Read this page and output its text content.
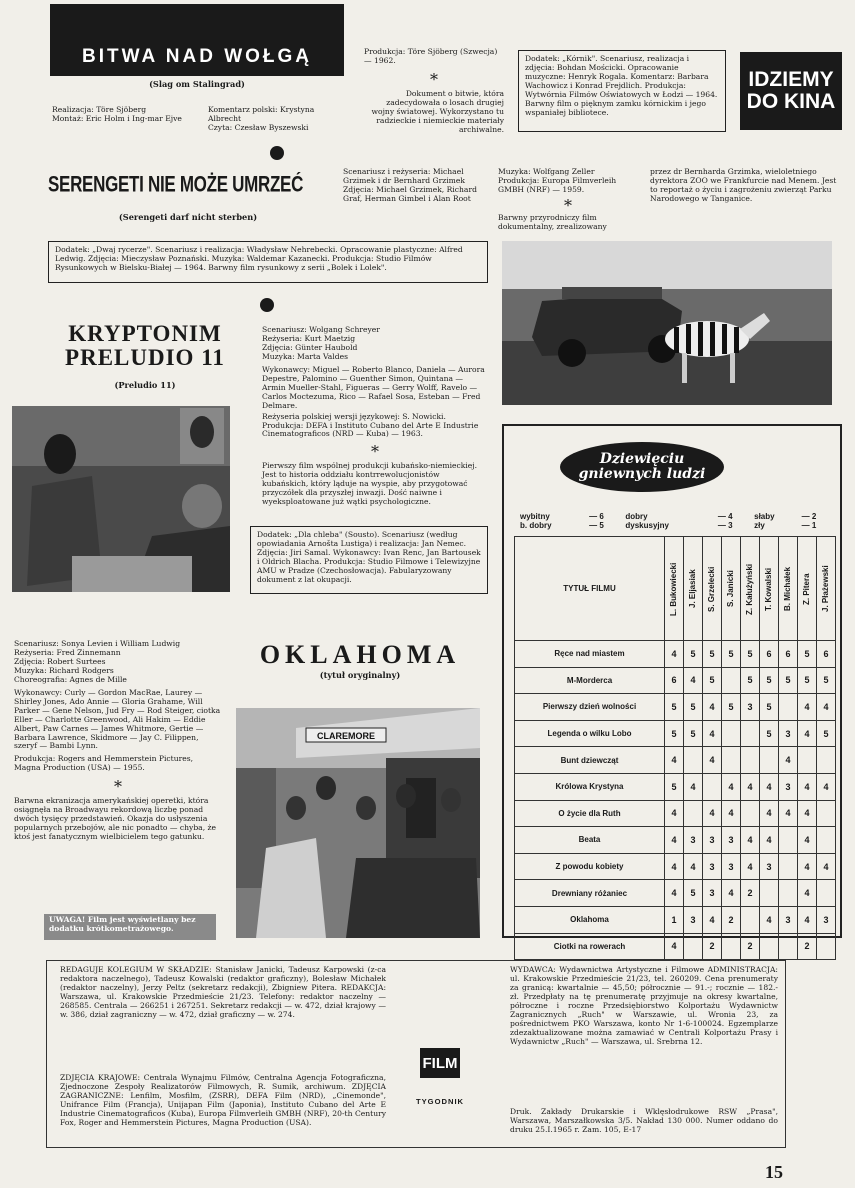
BITWA NAD WOŁGĄ
(Slag om Stalingrad)
Realizacja: Töre Sjöberg
Montaż: Eric Holm i Ing-mar Ejve
Komentarz polski: Krystyna Albrecht
Czyta: Czesław Byszewski
Produkcja: Töre Sjöberg (Szwecja) — 1962.
*
Dokument o bitwie, która zadecydowała o losach drugiej wojny światowej. Wykorzystano tu radzieckie i niemieckie materiały archiwalne.
Dodatek: „Kórnik". Scenariusz, realizacja i zdjęcia: Bohdan Mościcki. Opracowanie muzyczne: Henryk Rogala. Komentarz: Barbara Wachowicz i Konrad Frejdlich. Produkcja: Wytwórnia Filmów Oświatowych w Łodzi — 1964. Barwny film o pięknym zamku kórnickim i jego wspaniałej bibliotece.
IDZIEMY
DO KINA
SERENGETI NIE MOŻE UMRZEĆ
(Serengeti darf nicht sterben)
Scenariusz i reżyseria: Michael Grzimek i dr Bernhard Grzimek
Zdjęcia: Michael Grzimek, Richard Graf, Herman Gimbel i Alan Root
Muzyka: Wolfgang Zeller
Produkcja: Europa Filmverleih GMBH (NRF) — 1959.
*
Barwny przyrodniczy film dokumentalny, zrealizowany
przez dr Bernharda Grzimka, wieloletniego dyrektora ZOO we Frankfurcie nad Menem. Jest to reportaż o życiu i zagrożeniu zwierząt Parku Narodowego w Tanganice.
Dodatek: „Dwaj rycerze". Scenariusz i realizacja: Władysław Nehrebecki. Opracowanie plastyczne: Alfred Ledwig. Zdjęcia: Mieczysław Poznański. Muzyka: Waldemar Kazanecki. Produkcja: Studio Filmów Rysunkowych w Bielsku-Białej — 1964. Barwny film rysunkowy z serii „Bolek i Lolek".
KRYPTONIM
PRELUDIO 11
(Preludio 11)
Scenariusz: Wolgang Schreyer
Reżyseria: Kurt Maetzig
Zdjęcia: Günter Haubold
Muzyka: Marta Valdes
Wykonawcy: Miguel — Roberto Blanco, Daniela — Aurora Depestre, Palomino — Guenther Simon, Quintana — Armin Mueller-Stahl, Figueras — Gerry Wolff, Ravelo — Carlos Moctezuma, Rico — Rafael Sosa, Esteban — Fred Delmare.
Reżyseria polskiej wersji językowej: S. Nowicki. Produkcja: DEFA i Instituto Cubano del Arte E Industrie Cinematograficos (NRD — Kuba) — 1963.
*
Pierwszy film wspólnej produkcji kubańsko-niemieckiej. Jest to historia oddziału kontrrewolucjonistów kubańskich, który ląduje na wyspie, aby przygotować przyczółek dla przyszłej inwazji. Dość naiwne i wyeksploatowane już wątki psychologiczne.
Dodatek: „Dla chleba" (Sousto). Scenariusz (według opowiadania Arnošta Lustiga) i realizacja: Jan Nemec. Zdjęcia: Jiri Samal. Wykonawcy: Ivan Renc, Jan Bartousek i Oldrich Blacha. Produkcja: Studio Filmowe i Telewizyjne AMU w Pradze (Czechosłowacja). Fabularyzowany dokument z lat okupacji.
Dziewięciu
gniewnych ludzi
wybitny	— 6	dobry	— 4	słaby	— 2
b. dobry	— 5	dyskusyjny	— 3	zły	— 1
TYTUŁ FILMU	L. Bukowiecki	J. Eljasiak	S. Grzelecki	S. Janicki	Z. Kałużyński	T. Kowalski	B. Michałek	Z. Pitera	J. Płażewski

Ręce nad miastem	4	5	5	5	5	6	6	5	6
M-Morderca	6	4	5		5	5	5	5	5
Pierwszy dzień wolności	5	5	4	5	3	5		4	4
Legenda o wilku Lobo	5	5	4			5	3	4	5
Bunt dziewcząt	4		4				4		
Królowa Krystyna	5	4		4	4	4	3	4	4
O życie dla Ruth	4		4	4		4	4	4	
Beata	4	3	3	3	4	4		4	
Z powodu kobiety	4	4	3	3	4	3		4	4
Drewniany różaniec	4	5	3	4	2			4	
Oklahoma	1	3	4	2		4	3	4	3
Ciotki na rowerach	4		2		2			2	
Scenariusz: Sonya Levien i William Ludwig
Reżyseria: Fred Zinnemann
Zdjęcia: Robert Surtees
Muzyka: Richard Rodgers
Choreografia: Agnes de Mille
Wykonawcy: Curly — Gordon MacRae, Laurey — Shirley Jones, Ado Annie — Gloria Grahame, Will Parker — Gene Nelson, Jud Fry — Rod Steiger, ciotka Eller — Charlotte Greenwood, Ali Hakim — Eddie Albert, Paw Carnes — James Whitmore, Gertie — Barbara Lawrence, Skidmore — Jay C. Filippen, szeryf — Bambi Lynn.
Produkcja: Rogers and Hemmerstein Pictures, Magna Production (USA) — 1955.
*
Barwna ekranizacja amerykańskiej operetki, która osiągnęła na Broadwayu rekordową liczbę ponad dwóch tysięcy przedstawień. Okazja do usłyszenia popularnych przebojów, ale nic ponadto — chyba, że ktoś jest fanatycznym wielbicielem tego gatunku.
UWAGA! Film jest wyświetlany bez dodatku krótkometrażowego.
OKLAHOMA
(tytuł oryginalny)
CLAREMORE
REDAGUJE KOLEGIUM W SKŁADZIE: Stanisław Janicki, Tadeusz Karpowski (z-ca redaktora naczelnego), Tadeusz Kowalski (redaktor graficzny), Bolesław Michałek (redaktor naczelny), Jerzy Peltz (sekretarz redakcji), Zbigniew Pitera. REDAKCJA: Warszawa, ul. Krakowskie Przedmieście 21/23. Telefony: redaktor naczelny — 268585. Centrala — 266251 i 267251. Sekretarz redakcji — w. 472, dział krajowy — w. 386, dział zagraniczny — w. 472, dział graficzny — w. 274.
ZDJĘCIA KRAJOWE: Centrala Wynajmu Filmów, Centralna Agencja Fotograficzna, Zjednoczone Zespoły Realizatorów Filmowych, R. Sumik, archiwum. ZDJĘCIA ZAGRANICZNE: Lenfilm, Mosfilm, (ZSRR), DEFA Film (NRD), „Cinemonde", Unifrance Film (Francja), Unijapan Film (Japonia), Instituto Cubano del Arte E Industrie Cinematograficos (Kuba), Europa Filmverleih GMBH (NRF), 20-th Century Fox, Roger and Hemmerstein Pictures, Magna Production (USA).
FILM
TYGODNIK
WYDAWCA: Wydawnictwa Artystyczne i Filmowe ADMINISTRACJA: ul. Krakowskie Przedmieście 21/23, tel. 260209. Cena prenumeraty za granicą: kwartalnie — 45,50; półrocznie — 91.-; rocznie — 182.- zł. Przedpłaty na tę prenumeratę przyjmuje na okresy kwartalne, półroczne i roczne Przedsiębiorstwo Kolportażu Wydawnictw Zagranicznych „Ruch" w Warszawie, ul. Wronia 23, za pośrednictwem PKO Warszawa, konto Nr 1-6-100024. Egzemplarze zdezaktualizowane można zamawiać w Centrali Kolportażu Prasy i Wydawnictw „Ruch" — Warszawa, ul. Srebrna 12.
Druk. Zakłady Drukarskie i Wklęsłodrukowe RSW „Prasa", Warszawa, Marszałkowska 3/5. Nakład 130 000. Numer oddano do druku 25.I.1965 r. Zam. 105, E-17
15
